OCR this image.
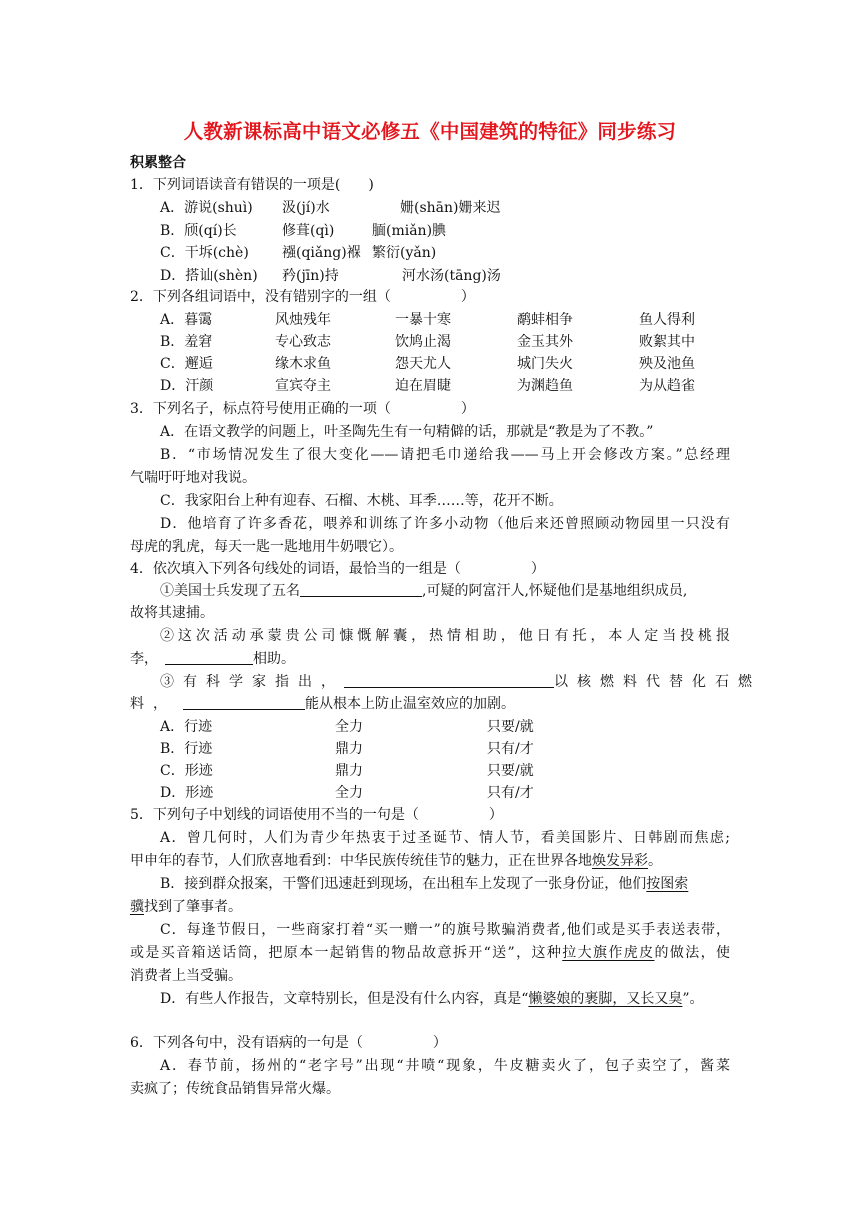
人教新课标高中语文必修五《中国建筑的特征》同步练习
积累整合
1．下列词语读音有错误的一项是(　　)
A．游说(shuì) 汲(jí)水	姗(shān)姗来迟
B．颀(qí)长	修葺(qì)	腼(miǎn)腆
C．干坼(chè) 襁(qiǎng)褓 繁衍(yǎn)
D．搭讪(shèn) 矜(jīn)持	河水汤(tāng)汤
2．下列各组词语中，没有错别字的一组（　　　　　）
A．暮霭	风烛残年	一暴十寒	鹬蚌相争	鱼人得利
B．羞窘	专心致志	饮鸠止渴	金玉其外	败絮其中
C．邂逅	缘木求鱼	怨天尤人	城门失火	殃及池鱼
D．汗颜	宣宾夺主	迫在眉睫	为渊趋鱼	为从趋雀
3．下列名子，标点符号使用正确的一项（　　　　　）
A．在语文教学的问题上，叶圣陶先生有一句精僻的话，那就是“教是为了不教。”
B．“市场情况发生了很大变化——请把毛巾递给我——马上开会修改方案。”总经理
气喘吁吁地对我说。
C．我家阳台上种有迎春、石榴、木桃、耳季……等，花开不断。
D．他培育了许多香花，喂养和训练了许多小动物（他后来还曾照顾动物园里一只没有
母虎的乳虎，每天一匙一匙地用牛奶喂它）。
4．依次填入下列各句线处的词语，最恰当的一组是（　　　　　）
①美国士兵发现了五名	,可疑的阿富汗人,怀疑他们是基地组织成员,
故将其逮捕。
②这次活动承蒙贵公司慷慨解囊，热情相助，他日有托，本人定当投桃报
李， 	相助。
③有科学家指出，	以核燃料代替化石燃
料， 	能从根本上防止温室效应的加剧。
A．行迹	全力	只要/就
B．行迹	鼎力	只有/才
C．形迹	鼎力	只要/就
D．形迹	全力	只有/才
5．下列句子中划线的词语使用不当的一句是（　　　　　）
A．曾几何时，人们为青少年热衷于过圣诞节、情人节，看美国影片、日韩剧而焦虑;
甲申年的春节，人们欣喜地看到：中华民族传统佳节的魅力，正在世界各地焕发异彩。
B．接到群众报案，干警们迅速赶到现场，在出租车上发现了一张身份证，他们按图索
骥找到了肇事者。
C．每逢节假日，一些商家打着“买一赠一”的旗号欺骗消费者,他们或是买手表送表带，
或是买音箱送话筒，把原本一起销售的物品故意拆开“送”，这种拉大旗作虎皮的做法，使
消费者上当受骗。
D．有些人作报告，文章特别长，但是没有什么内容，真是“懒婆娘的裹脚，又长又臭”。
6．下列各句中，没有语病的一句是（　　　　　）
A．春节前，扬州的“老字号”出现“井喷“现象，牛皮糖卖火了，包子卖空了，酱菜
卖疯了；传统食品销售异常火爆。
